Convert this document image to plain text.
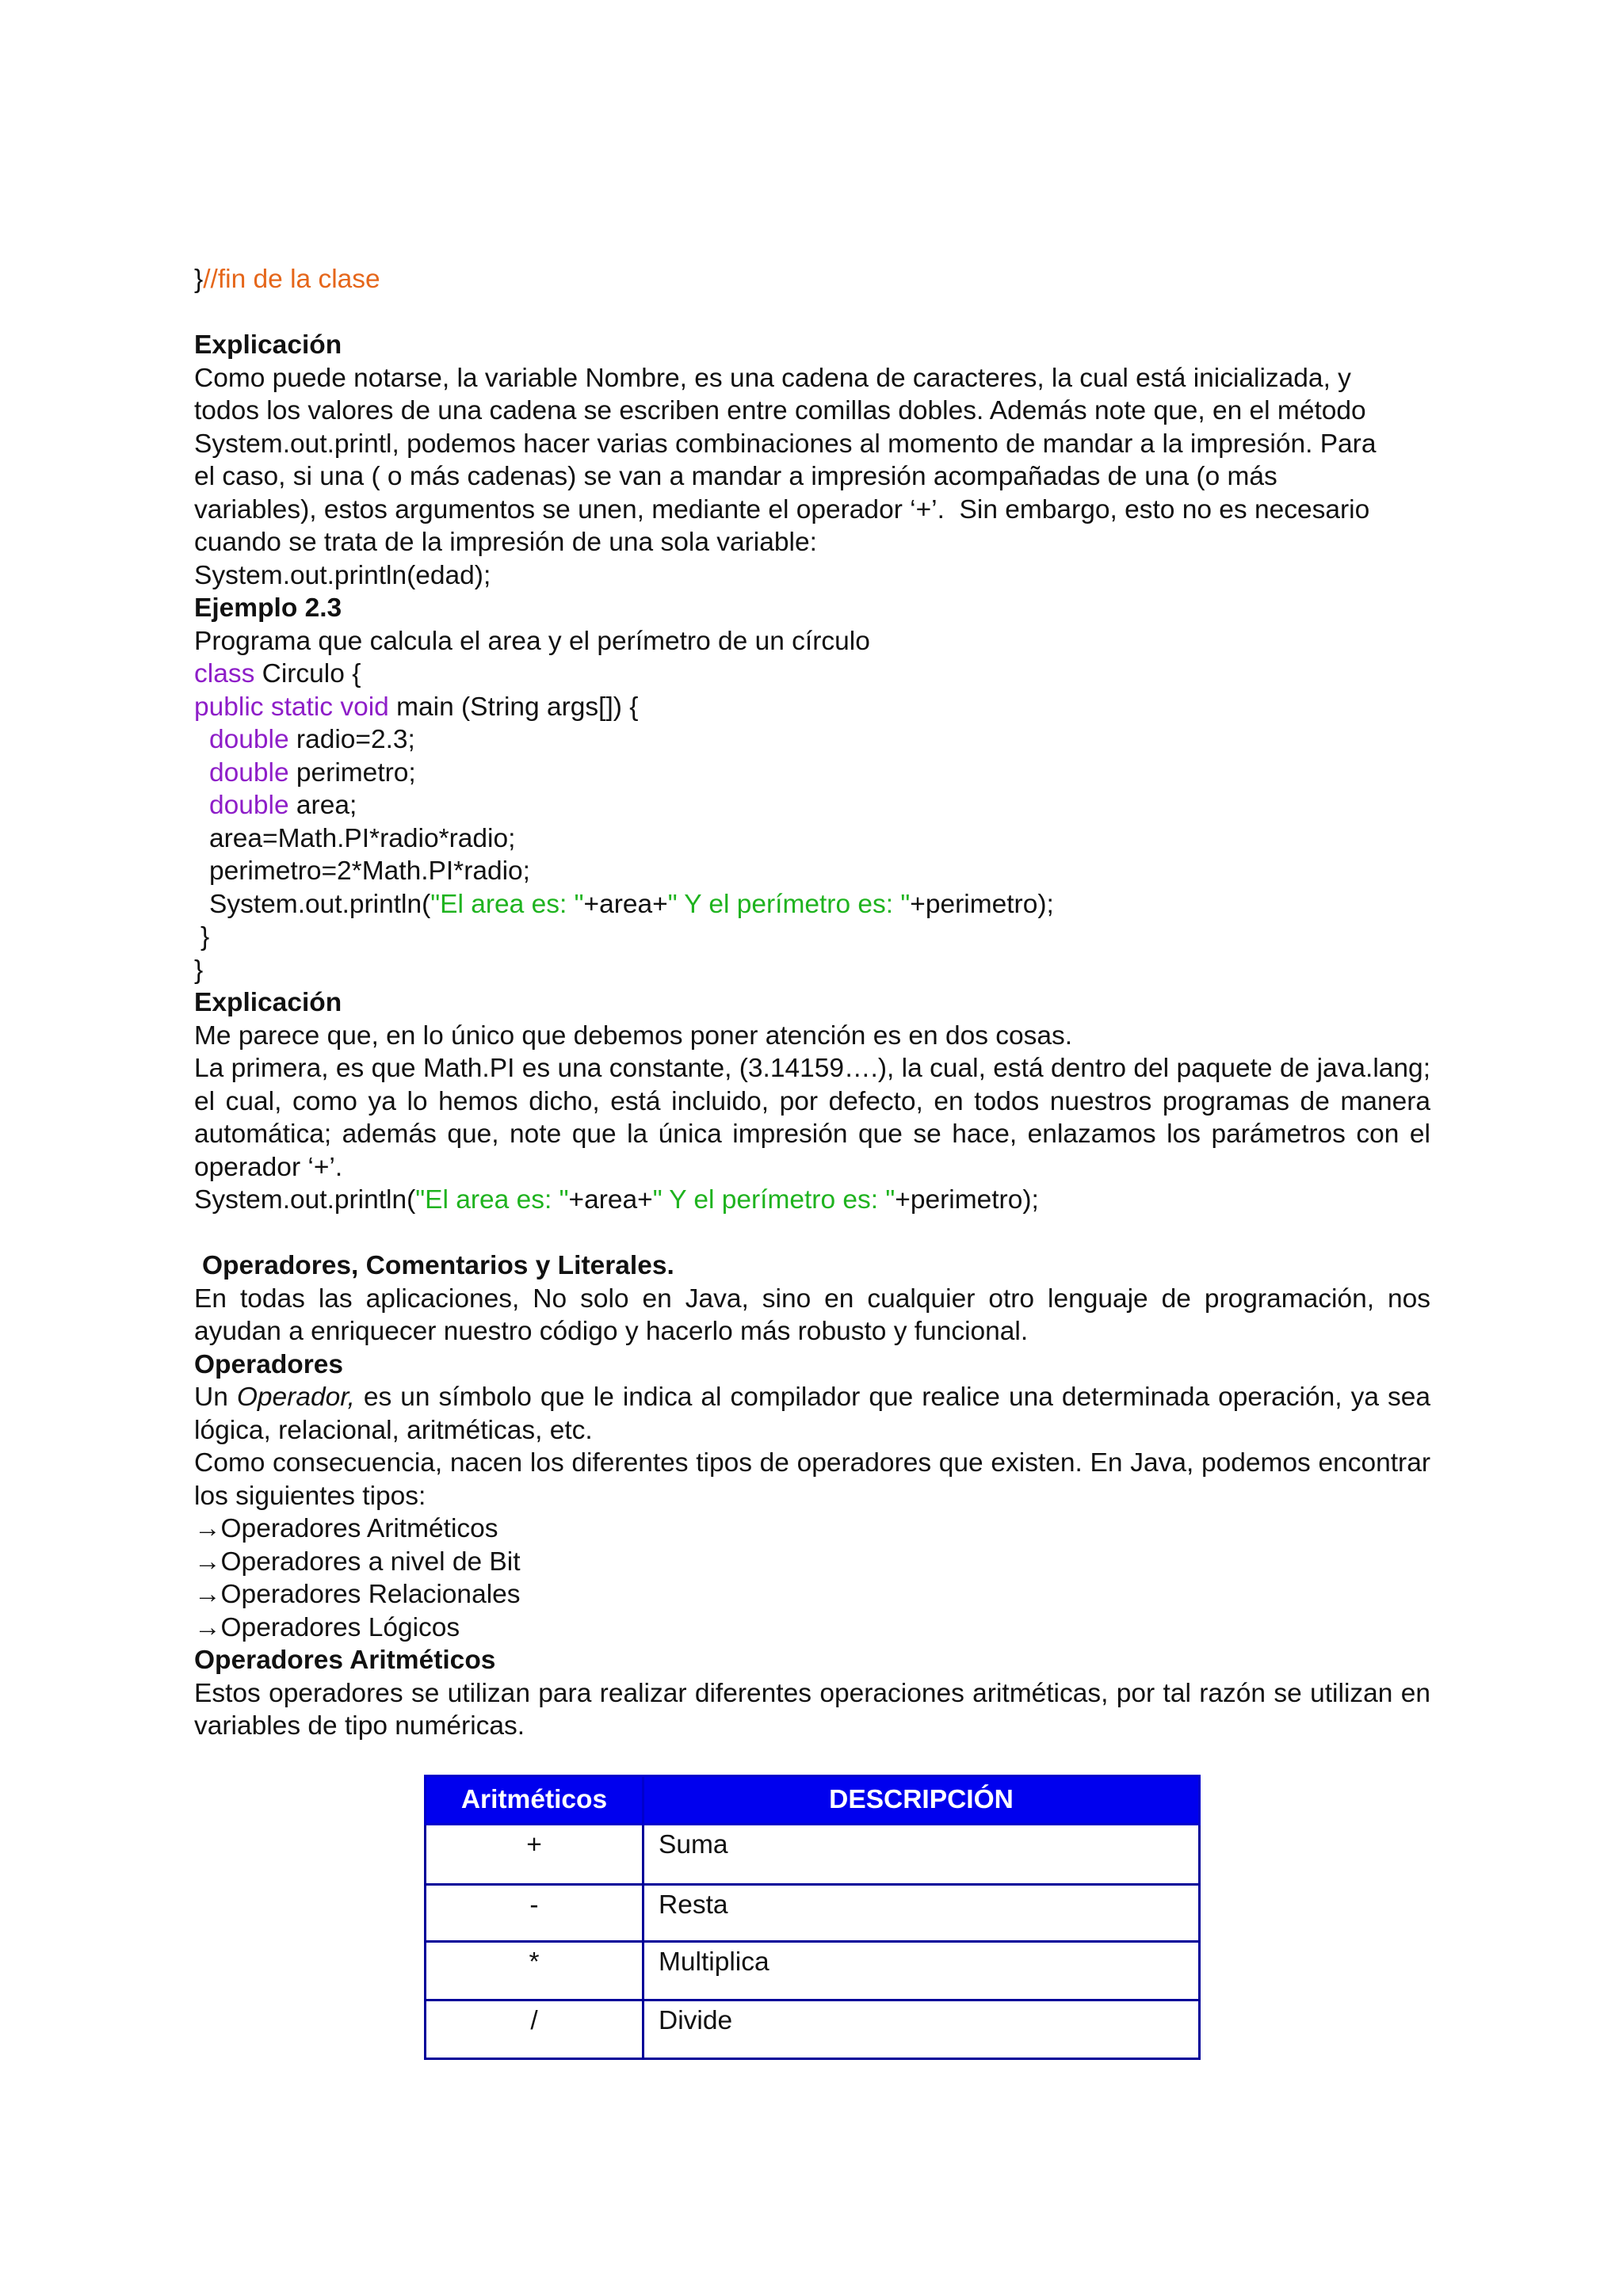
}//fin de la clase

Explicación

Como puede notarse, la variable Nombre, es una cadena de caracteres, la cual está inicializada, y

todos los valores de una cadena se escriben entre comillas dobles. Además note que, en el método

System.out.printl, podemos hacer varias combinaciones al momento de mandar a la impresión. Para

el caso, si una ( o más cadenas) se van a mandar a impresión acompañadas de una (o más

variables), estos argumentos se unen, mediante el operador ‘+’.  Sin embargo, esto no es necesario

cuando se trata de la impresión de una sola variable:

System.out.println(edad);

Ejemplo 2.3

Programa que calcula el area y el perímetro de un círculo

class Circulo {

public static void main (String args[]) {

double radio=2.3;

double perimetro;

double area;

area=Math.PI*radio*radio;

perimetro=2*Math.PI*radio;

System.out.println("El area es: "+area+" Y el perímetro es: "+perimetro);

}

}

Explicación

Me parece que, en lo único que debemos poner atención es en dos cosas.

La primera, es que Math.PI es una constante, (3.14159….), la cual, está dentro del paquete de java.lang; el cual, como ya lo hemos dicho, está incluido, por defecto, en todos nuestros programas de manera automática; además que, note que la única impresión que se hace, enlazamos los parámetros con el operador ‘+’.

System.out.println("El area es: "+area+" Y el perímetro es: "+perimetro);

Operadores, Comentarios y Literales.

En todas las aplicaciones, No solo en Java, sino en cualquier otro lenguaje de programación, nos ayudan a enriquecer nuestro código y hacerlo más robusto y funcional.

Operadores

Un Operador, es un símbolo que le indica al compilador que realice una determinada operación, ya sea lógica, relacional, aritméticas, etc.

Como consecuencia, nacen los diferentes tipos de operadores que existen. En Java, podemos encontrar los siguientes tipos:

→Operadores Aritméticos
→Operadores a nivel de Bit
→Operadores Relacionales
→Operadores Lógicos

Operadores Aritméticos

Estos operadores se utilizan para realizar diferentes operaciones aritméticas, por tal razón se utilizan en variables de tipo numéricas.

Aritméticos	DESCRIPCIÓN
+	Suma
-	Resta
*	Multiplica
/	Divide
